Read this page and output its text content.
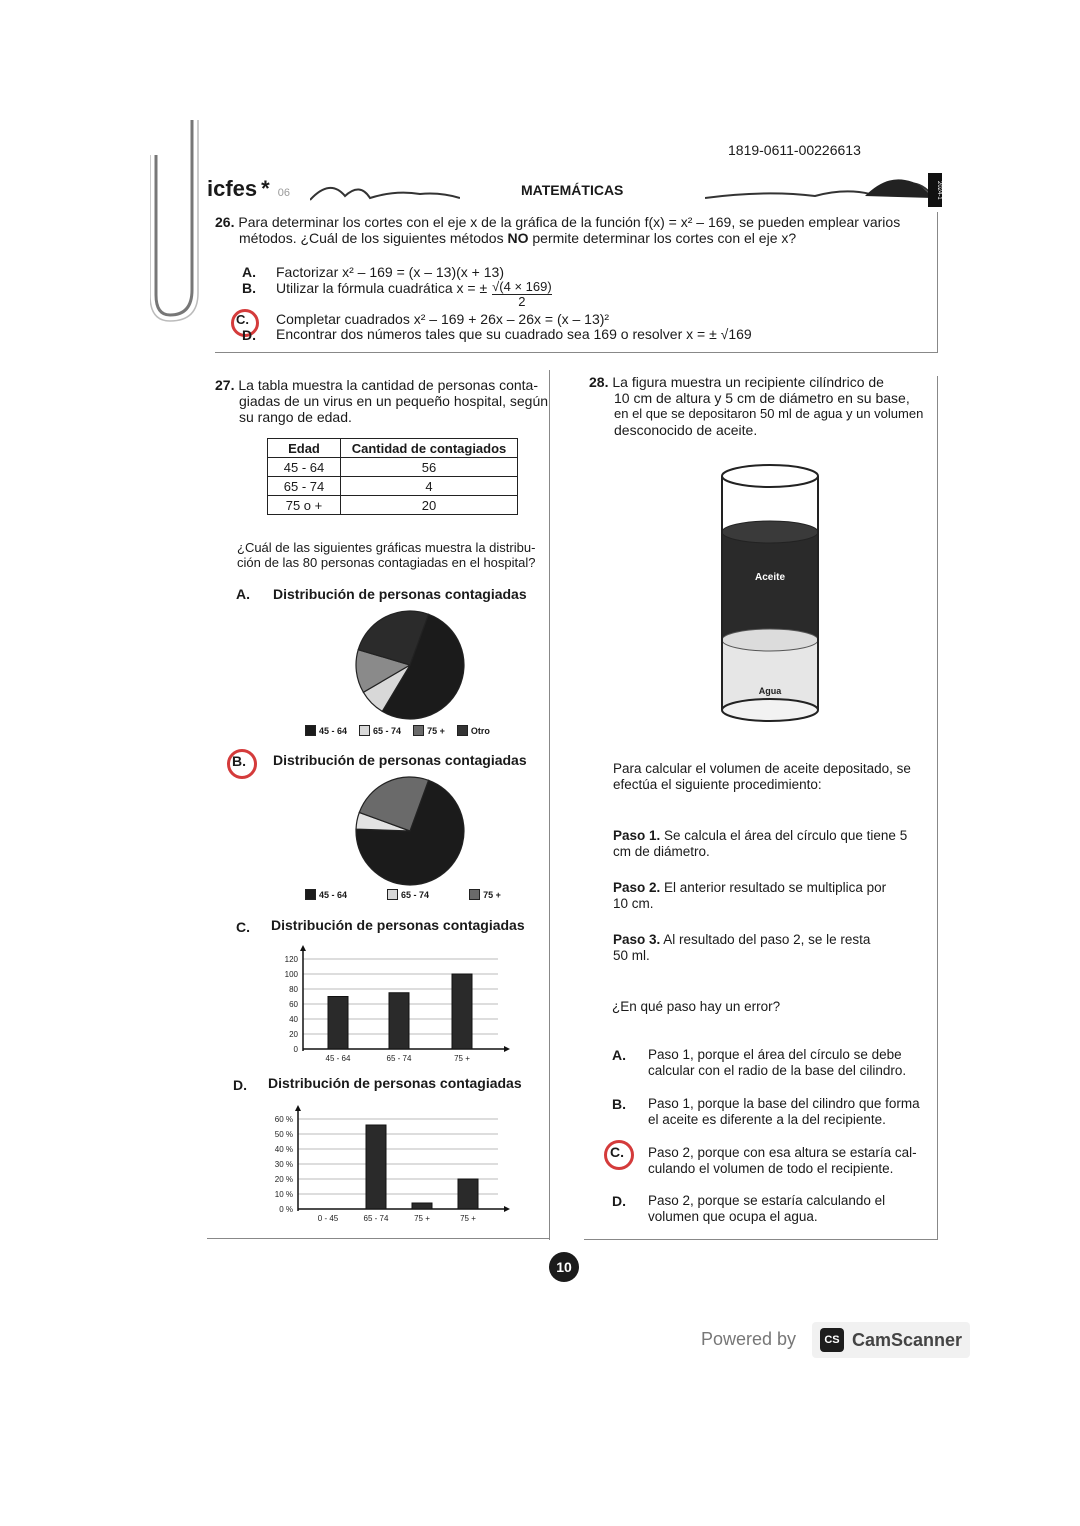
1819-0611-00226613
icfes * 06	MATEMÁTICAS	2024-1
26. Para determinar los cortes con el eje x de la gráfica de la función f(x) = x² – 169, se pueden emplear varios
métodos. ¿Cuál de los siguientes métodos NO permite determinar los cortes con el eje x?
A. Factorizar x² – 169 = (x – 13)(x + 13)
B. Utilizar la fórmula cuadrática x = ± $\frac{√(4 \times 169)}{2}$
C. Completar cuadrados x² – 169 + 26x – 26x = (x – 13)²
D. Encontrar dos números tales que su cuadrado sea 169 o resolver x = ± √169
27. La tabla muestra la cantidad de personas conta-
giadas de un virus en un pequeño hospital, según
su rango de edad.
Edad	Cantidad de contagiados
45 - 64	56
65 - 74	4
75 o +	20
¿Cuál de las siguientes gráficas muestra la distribu-
ción de las 80 personas contagiadas en el hospital?
A. Distribución de personas contagiadas
45 - 64	65 - 74	75 +	Otro
B. Distribución de personas contagiadas
45 - 64	65 - 74	75 +
C. Distribución de personas contagiadas
0
20
40
60
80
100
120
45 - 64	65 - 74	75 +
D. Distribución de personas contagiadas
0 %
10 %
20 %
30 %
40 %
50 %
60 %
0 - 45	65 - 74	75 +	75 +
28. La figura muestra un recipiente cilíndrico de
10 cm de altura y 5 cm de diámetro en su base,
en el que se depositaron 50 ml de agua y un volumen
desconocido de aceite.
Aceite
Agua
Para calcular el volumen de aceite depositado, se
efectúa el siguiente procedimiento:
Paso 1. Se calcula el área del círculo que tiene 5
cm de diámetro.
Paso 2. El anterior resultado se multiplica por
10 cm.
Paso 3. Al resultado del paso 2, se le resta
50 ml.
¿En qué paso hay un error?
A. Paso 1, porque el área del círculo se debe
calcular con el radio de la base del cilindro.
B. Paso 1, porque la base del cilindro que forma
el aceite es diferente a la del recipiente.
C. Paso 2, porque con esa altura se estaría cal-
culando el volumen de todo el recipiente.
D. Paso 2, porque se estaría calculando el
volumen que ocupa el agua.
10
Powered by	CS CamScanner
